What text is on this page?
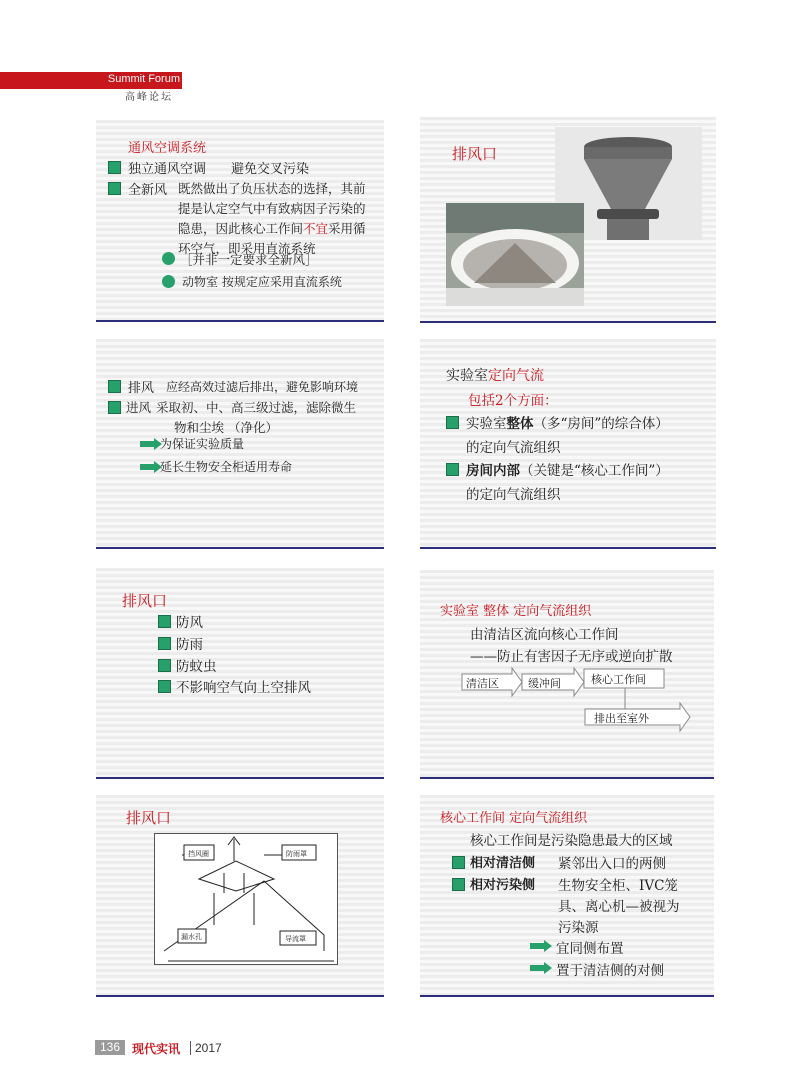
Summit Forum
高峰论坛
通风空调系统
独立通风空调 避免交叉污染
全新风 既然做出了负压状态的选择，其前
提是认定空气中有致病因子污染的
隐患，因此核心工作间不宜采用循
环空气，即采用直流系统
［并非一定要求全新风］
动物室 按规定应采用直流系统
排风口
排风 应经高效过滤后排出，避免影响环境
进风 采取初、中、高三级过滤，滤除微生
物和尘埃 （净化）
为保证实验质量
延长生物安全柜适用寿命
实验室定向气流
包括2个方面：
实验室整体（多“房间”的综合体）
的定向气流组织
房间内部（关键是“核心工作间”）
的定向气流组织
排风口
防风
防雨
防蚊虫
不影响空气向上空排风
实验室 整体 定向气流组织
由清洁区流向核心工作间
——防止有害因子无序或逆向扩散
清洁区	缓冲间	核心工作间
排出至室外
排风口
挡风圈	防雨罩
漏水孔	导流罩
核心工作间 定向气流组织
核心工作间是污染隐患最大的区域
相对清洁侧 紧邻出入口的两侧
相对污染侧 生物安全柜、IVC笼
具、离心机—被视为
污染源
宜同侧布置
置于清洁侧的对侧
136 现代实讯 2017
